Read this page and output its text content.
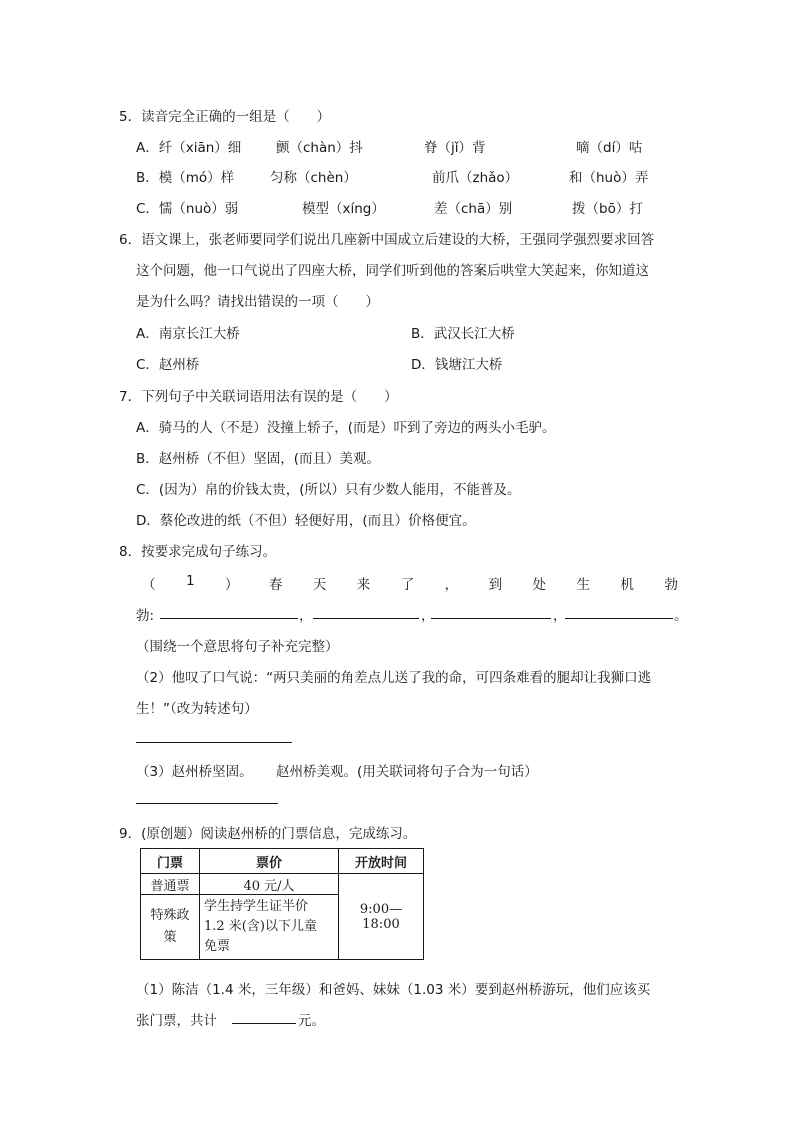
5．读音完全正确的一组是（　　）
A．纤（xiān）细	颤（chàn）抖	脊（jǐ）背	嘀（dí）咕
B．模（mó）样	匀称（chèn）	前爪（zhǎo）	和（huò）弄
C．懦（nuò）弱	模型（xíng）	差（chā）别	拨（bō）打
6．语文课上，张老师要同学们说出几座新中国成立后建设的大桥，王强同学强烈要求回答
这个问题，他一口气说出了四座大桥，同学们听到他的答案后哄堂大笑起来，你知道这
是为什么吗？请找出错误的一项（　　）
A．南京长江大桥	B．武汉长江大桥
C．赵州桥	D．钱塘江大桥
7．下列句子中关联词语用法有误的是（　　）
A．骑马的人（不是）没撞上轿子，(而是）吓到了旁边的两头小毛驴。
B．赵州桥（不但）坚固，(而且）美观。
C．(因为）帛的价钱太贵，(所以）只有少数人能用，不能普及。
D．蔡伦改进的纸（不但）轻便好用，(而且）价格便宜。
8．按要求完成句子练习。
（ 1 ） 春 天 来 了 ， 到 处 生 机 勃
勃:	，	，	，	。
（围绕一个意思将句子补充完整）
（2）他叹了口气说：“两只美丽的角差点儿送了我的命，可四条难看的腿却让我狮口逃
生！”（改为转述句）
（3）赵州桥坚固。 赵州桥美观。(用关联词将句子合为一句话）
9．(原创题）阅读赵州桥的门票信息，完成练习。
门票	票价	开放时间
普通票	40 元/人	9:00—18:00
特殊政策	学生持学生证半价
1.2 米(含)以下儿童
免票	
（1）陈洁（1.4 米，三年级）和爸妈、妹妹（1.03 米）要到赵州桥游玩，他们应该买
张门票，共计	元。
